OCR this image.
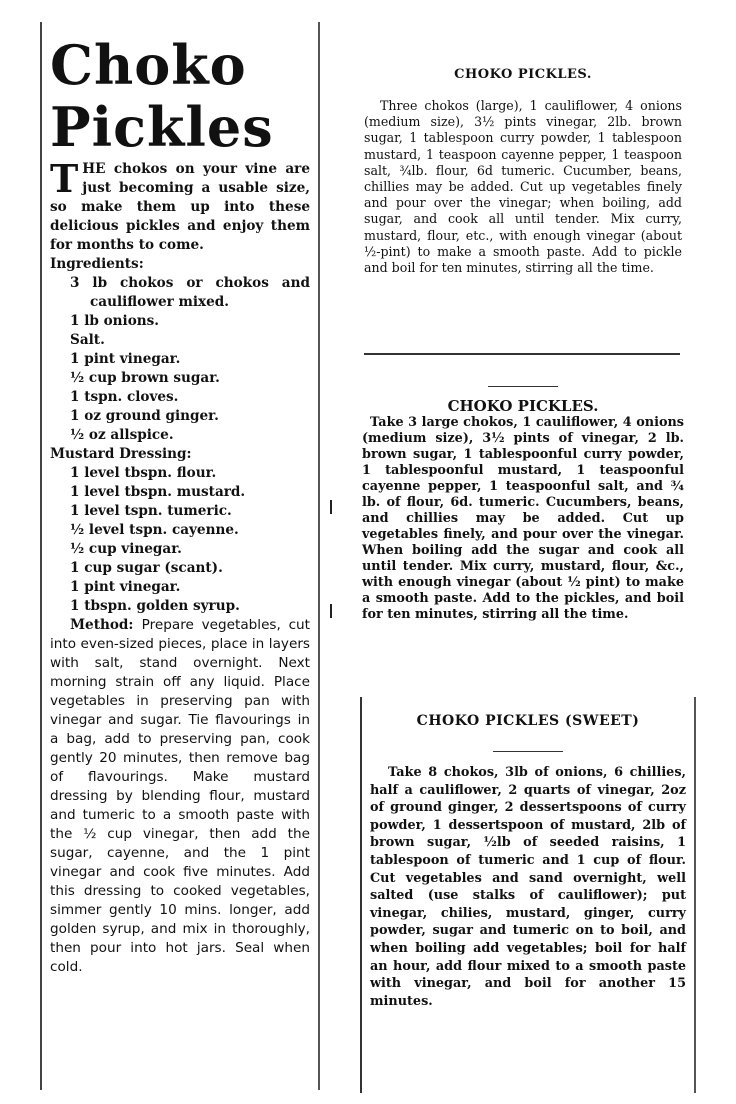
Choko
Pickles

THE chokos on your vine are just becoming a usable size, so make them up into these delicious pickles and enjoy them for months to come.

Ingredients:

3 lb chokos or chokos and cauliflower mixed.

1 lb onions.

Salt.

1 pint vinegar.

½ cup brown sugar.

1 tspn. cloves.

1 oz ground ginger.

½ oz allspice.

Mustard Dressing:

1 level tbspn. flour.

1 level tbspn. mustard.

1 level tspn. tumeric.

½ level tspn. cayenne.

½ cup vinegar.

1 cup sugar (scant).

1 pint vinegar.

1 tbspn. golden syrup.

Method: Prepare vegetables, cut into even-sized pieces, place in layers with salt, stand overnight. Next morning strain off any liquid. Place vegetables in preserving pan with vinegar and sugar. Tie flavourings in a bag, add to preserving pan, cook gently 20 minutes, then remove bag of flavourings. Make mustard dressing by blending flour, mustard and tumeric to a smooth paste with the ½ cup vinegar, then add the sugar, cayenne, and the 1 pint vinegar and cook five minutes. Add this dressing to cooked vegetables, simmer gently 10 mins. longer, add golden syrup, and mix in thoroughly, then pour into hot jars. Seal when cold.

CHOKO PICKLES.

Three chokos (large), 1 cauliflower, 4 onions (medium size), 3½ pints vinegar, 2lb. brown sugar, 1 tablespoon curry powder, 1 tablespoon mustard, 1 teaspoon cayenne pepper, 1 teaspoon salt, ¾lb. flour, 6d tumeric. Cucumber, beans, chillies may be added. Cut up vegetables finely and pour over the vinegar; when boiling, add sugar, and cook all until tender. Mix curry, mustard, flour, etc., with enough vinegar (about ½-pint) to make a smooth paste. Add to pickle and boil for ten minutes, stirring all the time.

CHOKO PICKLES.

Take 3 large chokos, 1 cauliflower, 4 onions (medium size), 3½ pints of vinegar, 2 lb. brown sugar, 1 tablespoonful curry powder, 1 tablespoonful mustard, 1 teaspoonful cayenne pepper, 1 teaspoonful salt, and ¾ lb. of flour, 6d. tumeric. Cucumbers, beans, and chillies may be added. Cut up vegetables finely, and pour over the vinegar. When boiling add the sugar and cook all until tender. Mix curry, mustard, flour, &c., with enough vinegar (about ½ pint) to make a smooth paste. Add to the pickles, and boil for ten minutes, stirring all the time.

CHOKO PICKLES (SWEET)

Take 8 chokos, 3lb of onions, 6 chillies, half a cauliflower, 2 quarts of vinegar, 2oz of ground ginger, 2 dessertspoons of curry powder, 1 dessertspoon of mustard, 2lb of brown sugar, ½lb of seeded raisins, 1 tablespoon of tumeric and 1 cup of flour. Cut vegetables and sand overnight, well salted (use stalks of cauliflower); put vinegar, chilies, mustard, ginger, curry powder, sugar and tumeric on to boil, and when boiling add vegetables; boil for half an hour, add flour mixed to a smooth paste with vinegar, and boil for another 15 minutes.
